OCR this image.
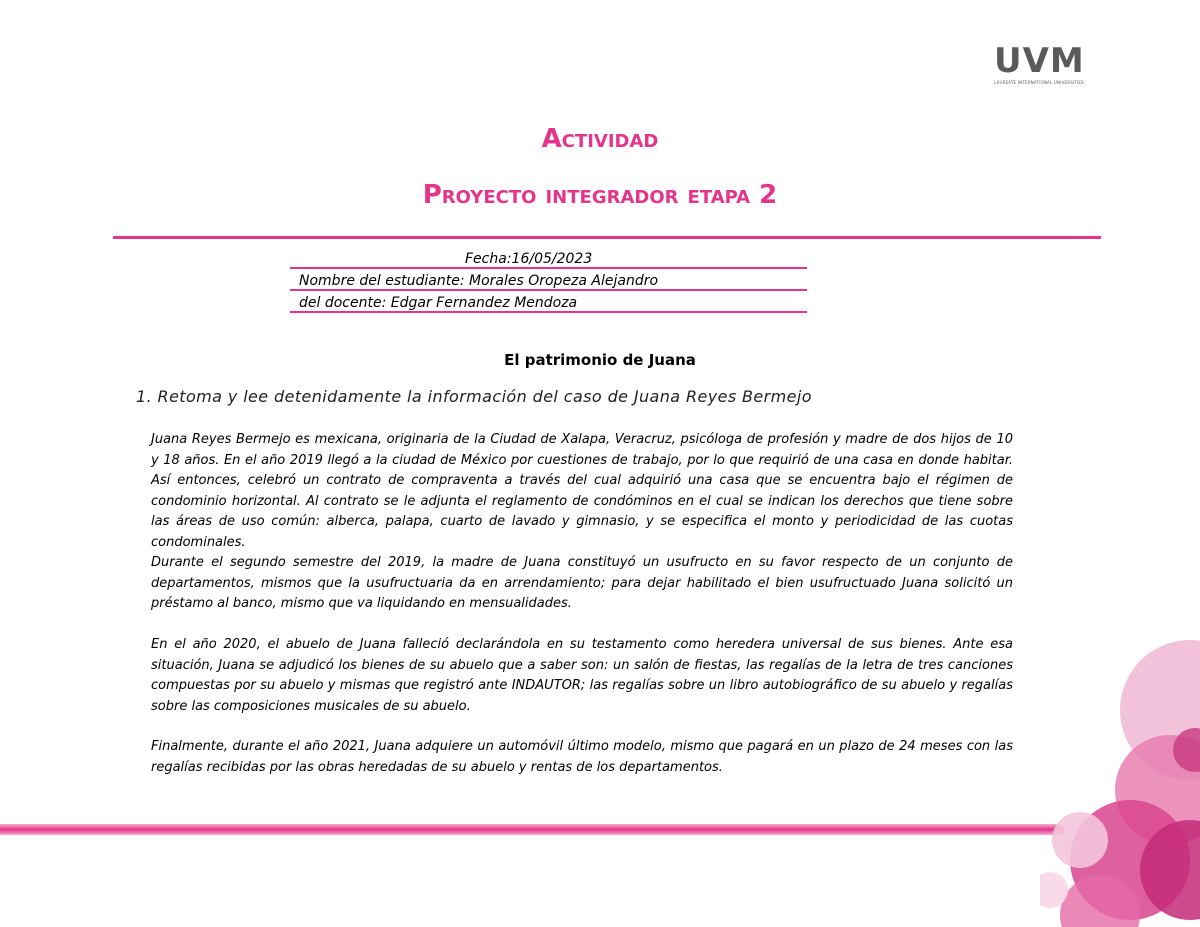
UVM
LAUREATE INTERNATIONAL UNIVERSITIES
Actividad
Proyecto integrador etapa 2
Fecha:16/05/2023
Nombre del estudiante: Morales Oropeza Alejandro
del docente: Edgar Fernandez Mendoza
El patrimonio de Juana
1. Retoma y lee detenidamente la información del caso de Juana Reyes Bermejo

Juana Reyes Bermejo es mexicana, originaria de la Ciudad de Xalapa, Veracruz, psicóloga de profesión y madre de dos hijos de 10 y 18 años. En el año 2019 llegó a la ciudad de México por cuestiones de trabajo, por lo que requirió de una casa en donde habitar. Así entonces, celebró un contrato de compraventa a través del cual adquirió una casa que se encuentra bajo el régimen de condominio horizontal. Al contrato se le adjunta el reglamento de condóminos en el cual se indican los derechos que tiene sobre las áreas de uso común: alberca, palapa, cuarto de lavado y gimnasio, y se especifica el monto y periodicidad de las cuotas condominales.

Durante el segundo semestre del 2019, la madre de Juana constituyó un usufructo en su favor respecto de un conjunto de departamentos, mismos que la usufructuaria da en arrendamiento; para dejar habilitado el bien usufructuado Juana solicitó un préstamo al banco, mismo que va liquidando en mensualidades.

En el año 2020, el abuelo de Juana falleció declarándola en su testamento como heredera universal de sus bienes. Ante esa situación, Juana se adjudicó los bienes de su abuelo que a saber son: un salón de fiestas, las regalías de la letra de tres canciones compuestas por su abuelo y mismas que registró ante INDAUTOR; las regalías sobre un libro autobiográfico de su abuelo y regalías sobre las composiciones musicales de su abuelo.

Finalmente, durante el año 2021, Juana adquiere un automóvil último modelo, mismo que pagará en un plazo de 24 meses con las regalías recibidas por las obras heredadas de su abuelo y rentas de los departamentos.
